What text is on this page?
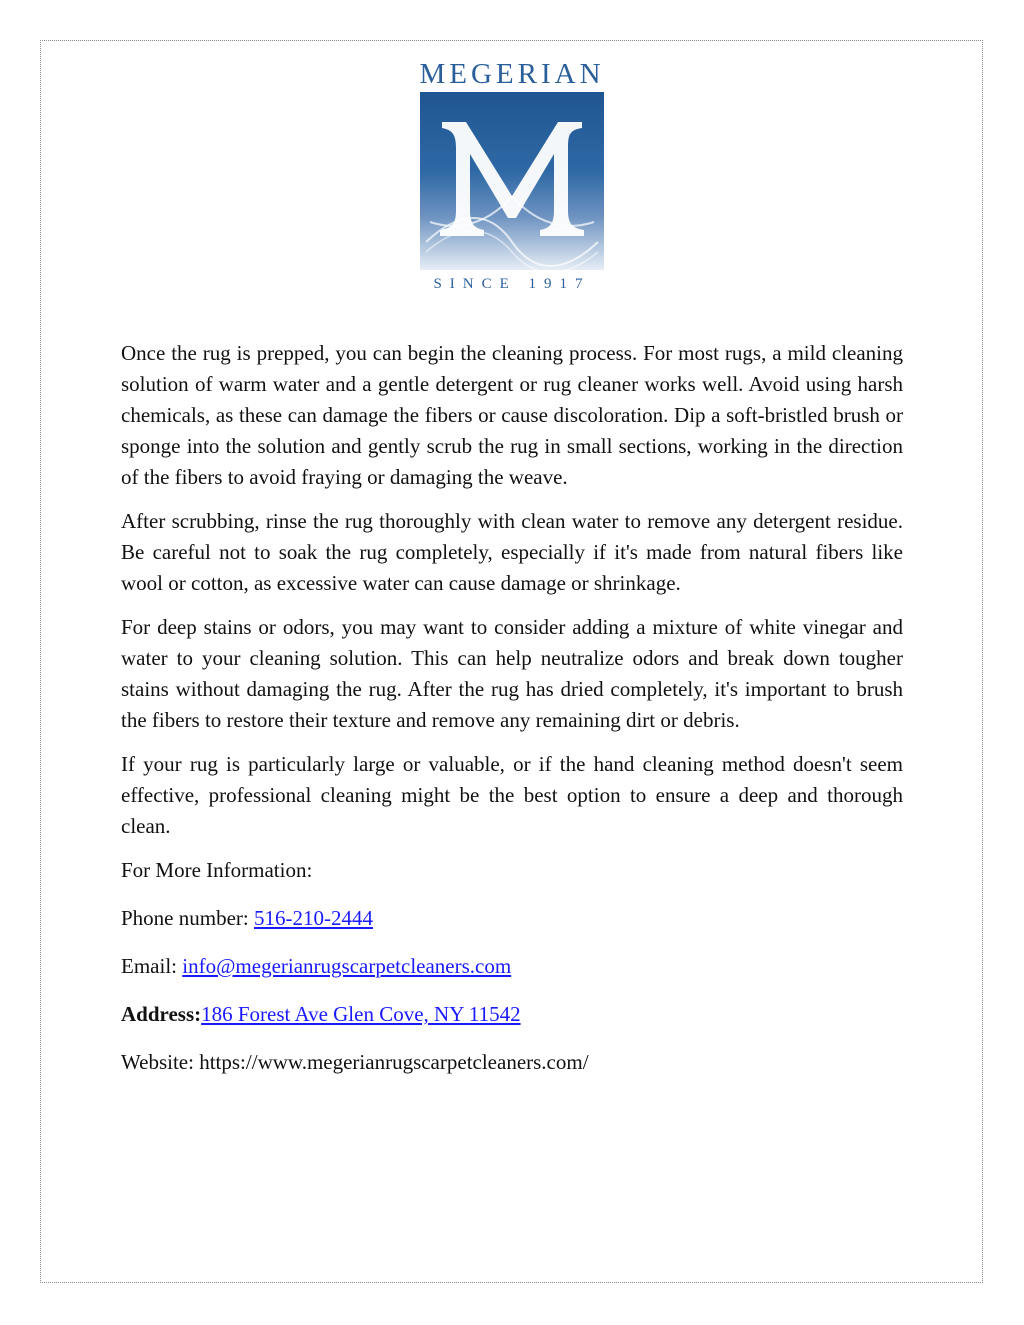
MEGERIAN
SINCE 1917

Once the rug is prepped, you can begin the cleaning process. For most rugs, a mild cleaning solution of warm water and a gentle detergent or rug cleaner works well. Avoid using harsh chemicals, as these can damage the fibers or cause discoloration. Dip a soft-bristled brush or sponge into the solution and gently scrub the rug in small sections, working in the direction of the fibers to avoid fraying or damaging the weave.

After scrubbing, rinse the rug thoroughly with clean water to remove any detergent residue. Be careful not to soak the rug completely, especially if it's made from natural fibers like wool or cotton, as excessive water can cause damage or shrinkage.

For deep stains or odors, you may want to consider adding a mixture of white vinegar and water to your cleaning solution. This can help neutralize odors and break down tougher stains without damaging the rug. After the rug has dried completely, it's important to brush the fibers to restore their texture and remove any remaining dirt or debris.

If your rug is particularly large or valuable, or if the hand cleaning method doesn't seem effective, professional cleaning might be the best option to ensure a deep and thorough clean.

For More Information:
Phone number: 516-210-2444
Email: info@megerianrugscarpetcleaners.com
Address:186 Forest Ave Glen Cove, NY 11542
Website: https://www.megerianrugscarpetcleaners.com/
